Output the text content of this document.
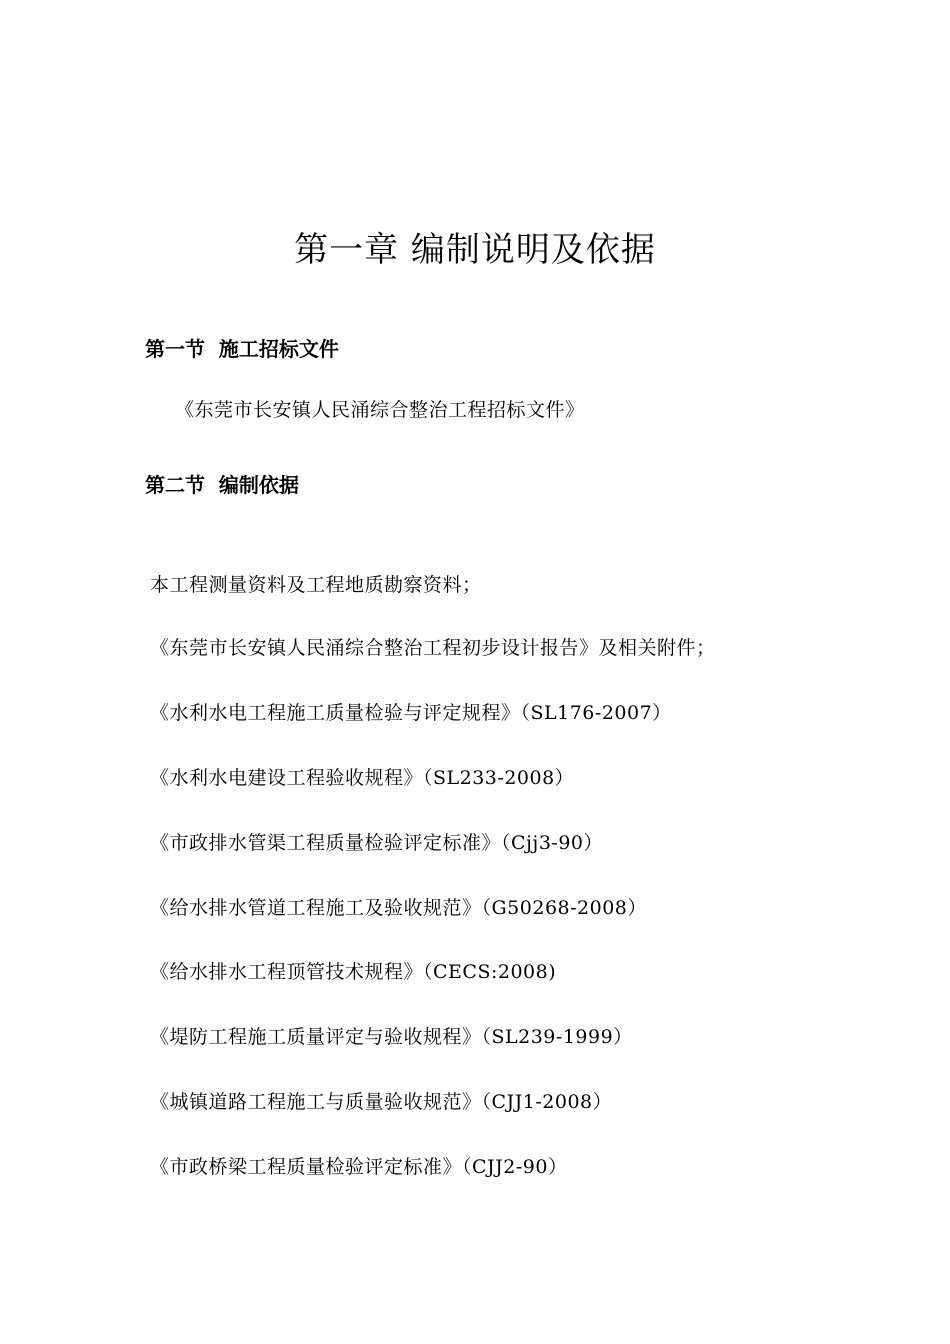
第一章 编制说明及依据
第一节  施工招标文件

《东莞市长安镇人民涌综合整治工程招标文件》

第二节  编制依据

本工程测量资料及工程地质勘察资料；

《东莞市长安镇人民涌综合整治工程初步设计报告》及相关附件；

《水利水电工程施工质量检验与评定规程》（SL176-2007）

《水利水电建设工程验收规程》（SL233-2008）

《市政排水管渠工程质量检验评定标准》（Cjj3-90）

《给水排水管道工程施工及验收规范》（G50268-2008）

《给水排水工程顶管技术规程》（CECS:2008)

《堤防工程施工质量评定与验收规程》（SL239-1999）

《城镇道路工程施工与质量验收规范》（CJJ1-2008）

《市政桥梁工程质量检验评定标准》（CJJ2-90）
